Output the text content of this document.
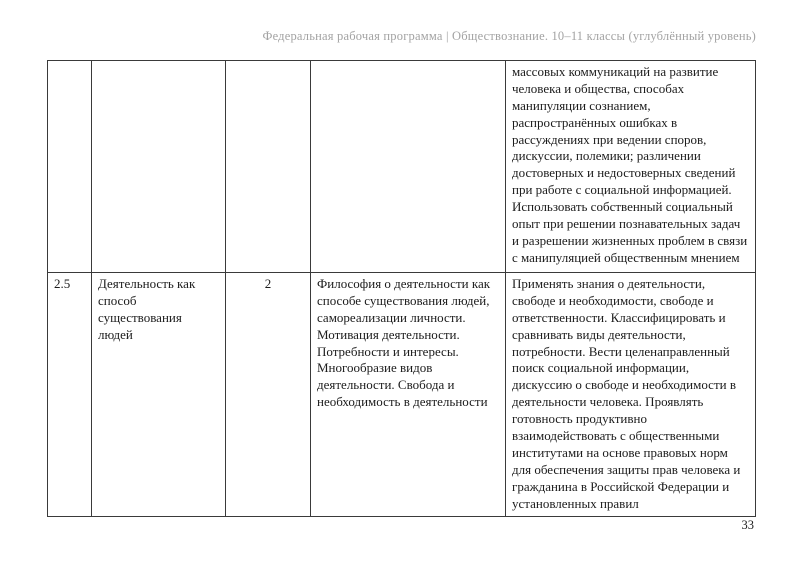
Федеральная рабочая программа | Обществознание. 10–11 классы (углублённый уровень)
				массовых коммуникаций на развитие человека и общества, способах манипуляции сознанием, распространённых ошибках в рассуждениях при ведении споров, дискуссии, полемики; различении достоверных и недостоверных сведений при работе с социальной информацией. Использовать собственный социальный опыт при решении познавательных задач и разрешении жизненных проблем в связи с манипуляцией общественным мнением
2.5	Деятельность как способ существования людей	2	Философия о деятельности как способе существования людей, самореализации личности. Мотивация деятельности. Потребности и интересы. Многообразие видов деятельности. Свобода и необходимость в деятельности	Применять знания о деятельности, свободе и необходимости, свободе и ответственности. Классифицировать и сравнивать виды деятельности, потребности. Вести целенаправленный поиск социальной информации, дискуссию о свободе и необходимости в деятельности человека. Проявлять готовность продуктивно взаимодействовать с общественными институтами на основе правовых норм для обеспечения защиты прав человека и гражданина в Российской Федерации и установленных правил
33
